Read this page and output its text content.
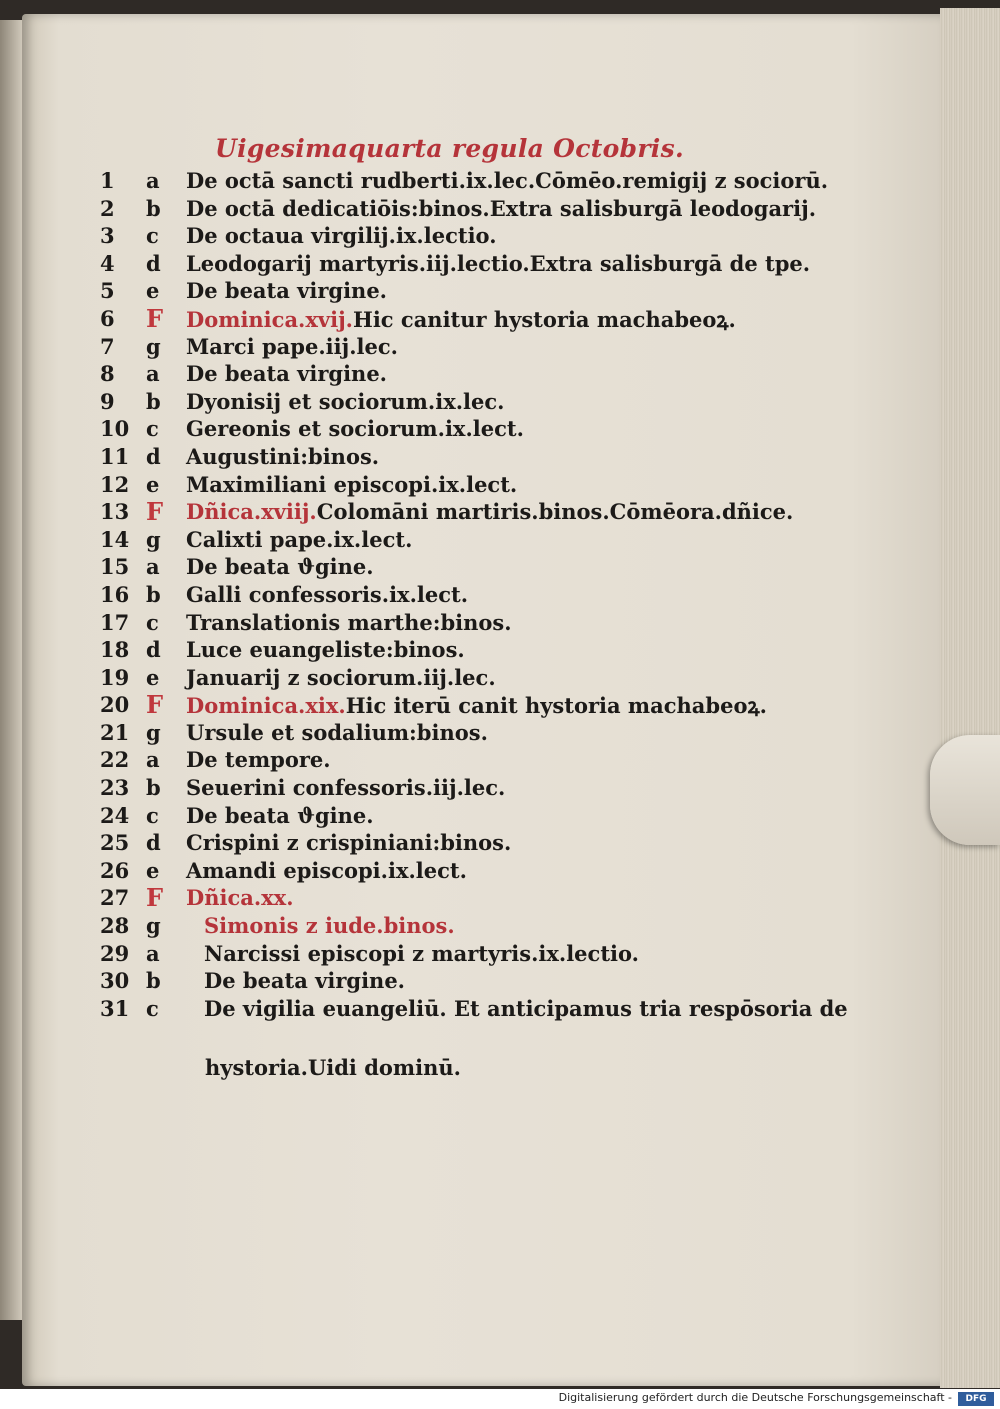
Uigesimaquarta regula Octobris.
1	a	De octā sancti rudberti.ix.lec.Cōmēo.remigij z sociorū.
2	b	De octā dedicatiōis:binos.Extra salisburgā leodogarij.
3	c	De octaua virgilij.ix.lectio.
4	d	Leodogarij martyris.iij.lectio.Extra salisburgā de tpe.
5	e	De beata virgine.
6	F	Dominica.xvij.Hic canitur hystoria machabeoꝝ.
7	g	Marci pape.iij.lec.
8	a	De beata virgine.
9	b	Dyonisij et sociorum.ix.lec.
10 c	Gereonis et sociorum.ix.lect.
11 d	Augustini:binos.
12 e	Maximiliani episcopi.ix.lect.
13 F	Dñica.xviij.Colomāni martiris.binos.Cōmēora.dñice.
14 g	Calixti pape.ix.lect.
15 a	De beata ϑgine.
16 b	Galli confessoris.ix.lect.
17 c	Translationis marthe:binos.
18 d	Luce euangeliste:binos.
19 e	Januarij z sociorum.iij.lec.
20 F	Dominica.xix.Hic iterū canit hystoria machabeoꝝ.
21 g	Ursule et sodalium:binos.
22 a	De tempore.
23 b	Seuerini confessoris.iij.lec.
24 c	De beata ϑgine.
25 d	Crispini z crispiniani:binos.
26 e	Amandi episcopi.ix.lect.
27 F	Dñica.xx.
28 g	Simonis z iude.binos.
29 a	Narcissi episcopi z martyris.ix.lectio.
30 b	De beata virgine.
31 c	De vigilia euangeliū. Et anticipamus tria respōsoria de
hystoria.Uidi dominū.
Digitalisierung gefördert durch die Deutsche Forschungsgemeinschaft -	DFG
